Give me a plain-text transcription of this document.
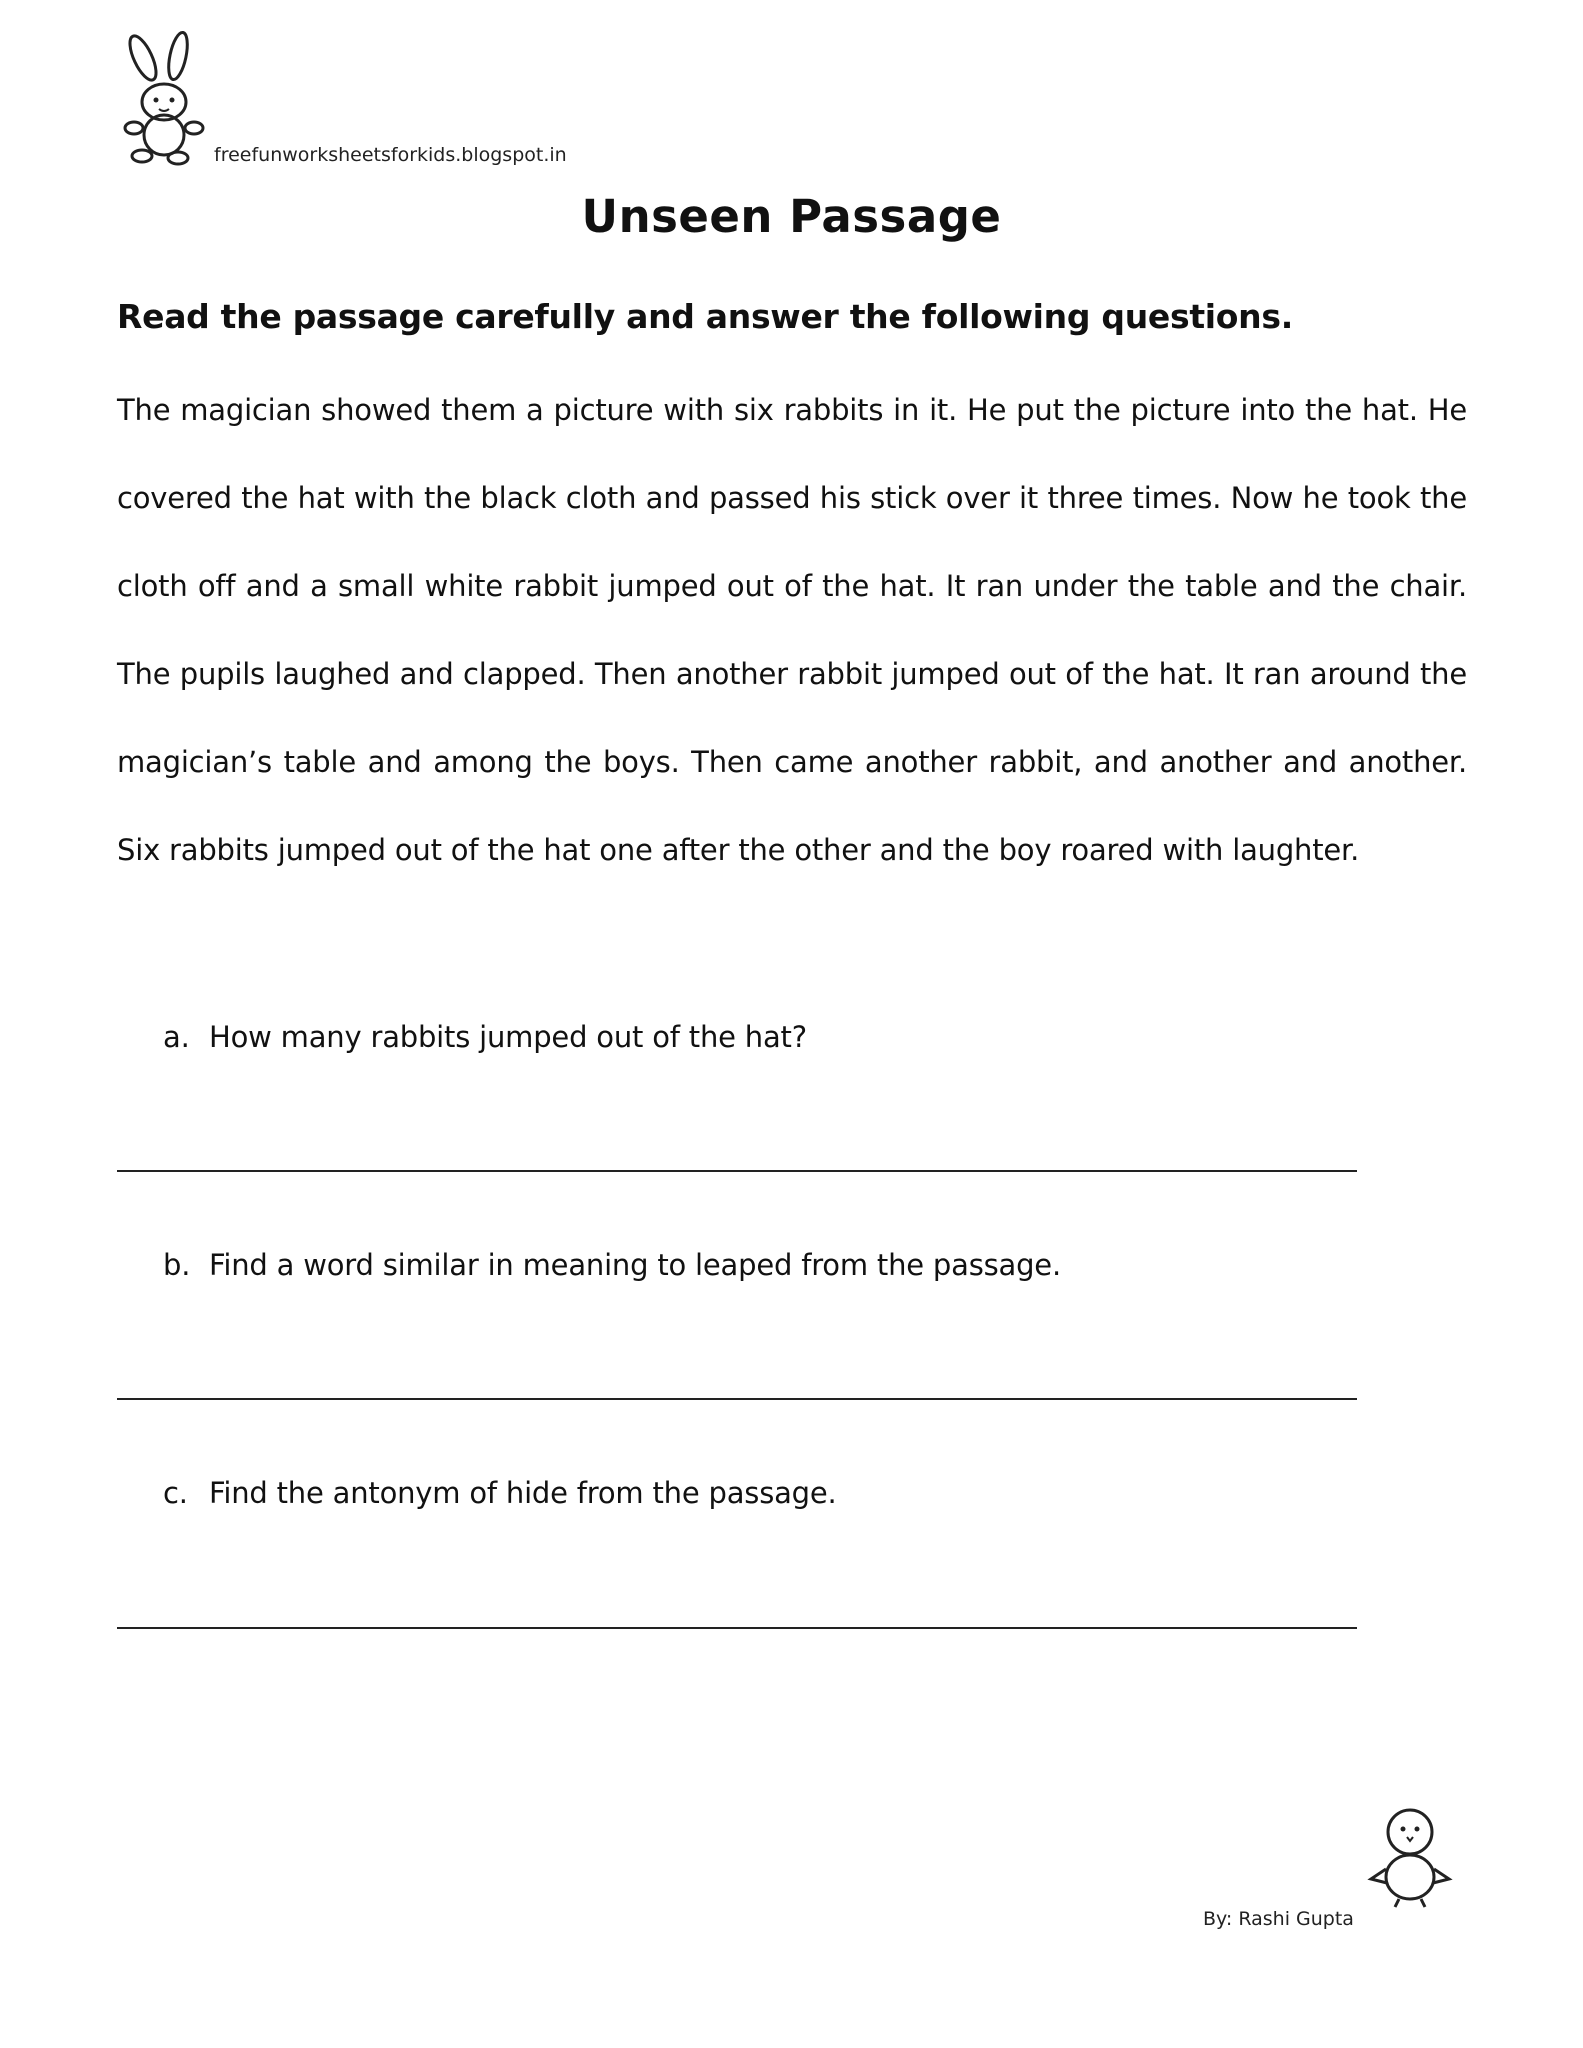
freefunworksheetsforkids.blogspot.in
Unseen Passage
Read the passage carefully and answer the following questions.
The magician showed them a picture with six rabbits in it. He put the picture into the hat. He covered the hat with the black cloth and passed his stick over it three times. Now he took the cloth off and a small white rabbit jumped out of the hat. It ran under the table and the chair. The pupils laughed and clapped. Then another rabbit jumped out of the hat. It ran around the magician’s table and among the boys. Then came another rabbit, and another and another. Six rabbits jumped out of the hat one after the other and the boy roared with laughter.
a. How many rabbits jumped out of the hat?
b. Find a word similar in meaning to leaped from the passage.
c. Find the antonym of hide from the passage.
By: Rashi Gupta
